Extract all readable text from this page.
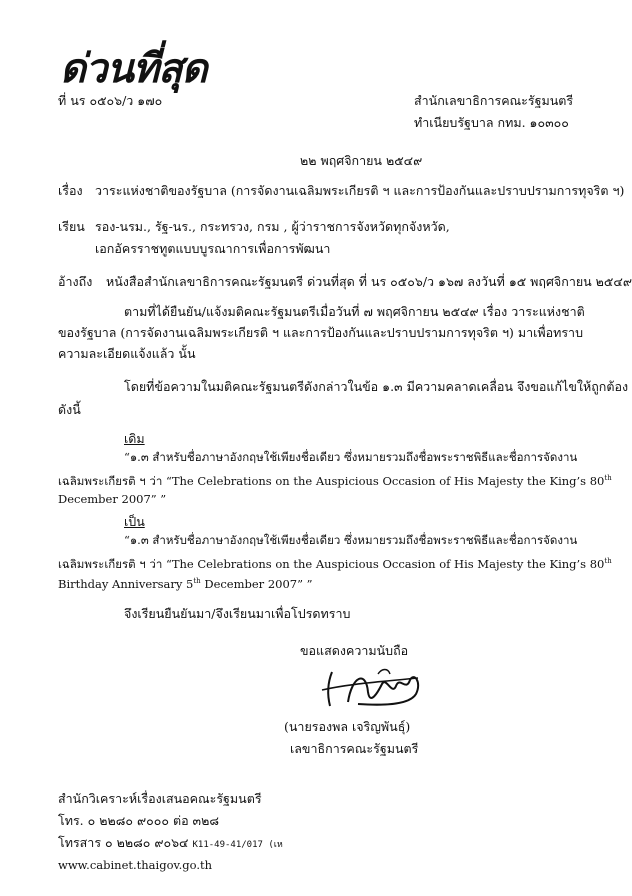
ด่วนที่สุด
ที่ นร ๐๕๐๖/ว ๑๗๐	สำนักเลขาธิการคณะรัฐมนตรี
ทำเนียบรัฐบาล กทม. ๑๐๓๐๐
๒๒ พฤศจิกายน ๒๕๔๙
เรื่อง วาระแห่งชาติของรัฐบาล (การจัดงานเฉลิมพระเกียรติ ฯ และการป้องกันและปราบปรามการทุจริต ฯ)
เรียน รอง-นรม., รัฐ-นร., กระทรวง, กรม , ผู้ว่าราชการจังหวัดทุกจังหวัด,
เอกอัครราชทูตแบบบูรณาการเพื่อการพัฒนา
อ้างถึง หนังสือสำนักเลขาธิการคณะรัฐมนตรี ด่วนที่สุด ที่ นร ๐๕๐๖/ว ๑๖๗ ลงวันที่ ๑๕ พฤศจิกายน ๒๕๔๙
ตามที่ได้ยืนยัน/แจ้งมติคณะรัฐมนตรีเมื่อวันที่ ๗ พฤศจิกายน ๒๕๔๙ เรื่อง วาระแห่งชาติ
ของรัฐบาล (การจัดงานเฉลิมพระเกียรติ ฯ และการป้องกันและปราบปรามการทุจริต ฯ) มาเพื่อทราบ
ความละเอียดแจ้งแล้ว นั้น
โดยที่ข้อความในมติคณะรัฐมนตรีดังกล่าวในข้อ ๑.๓ มีความคลาดเคลื่อน จึงขอแก้ไขให้ถูกต้อง
ดังนี้
เดิม
“๑.๓ สำหรับชื่อภาษาอังกฤษใช้เพียงชื่อเดียว ซึ่งหมายรวมถึงชื่อพระราชพิธีและชื่อการจัดงาน
เฉลิมพระเกียรติ ฯ ว่า “The Celebrations on the Auspicious Occasion of His Majesty the King’s 80th
December 2007” ”
เป็น
“๑.๓ สำหรับชื่อภาษาอังกฤษใช้เพียงชื่อเดียว ซึ่งหมายรวมถึงชื่อพระราชพิธีและชื่อการจัดงาน
เฉลิมพระเกียรติ ฯ ว่า “The Celebrations on the Auspicious Occasion of His Majesty the King’s 80th
Birthday Anniversary 5th December 2007” ”
จึงเรียนยืนยันมา/จึงเรียนมาเพื่อโปรดทราบ
ขอแสดงความนับถือ
(นายรองพล เจริญพันธุ์)
เลขาธิการคณะรัฐมนตรี
สำนักวิเคราะห์เรื่องเสนอคณะรัฐมนตรี
โทร. ๐ ๒๒๘๐ ๙๐๐๐ ต่อ ๓๒๘
โทรสาร ๐ ๒๒๘๐ ๙๐๖๔ K11-49-41/017 (เห
www.cabinet.thaigov.go.th
